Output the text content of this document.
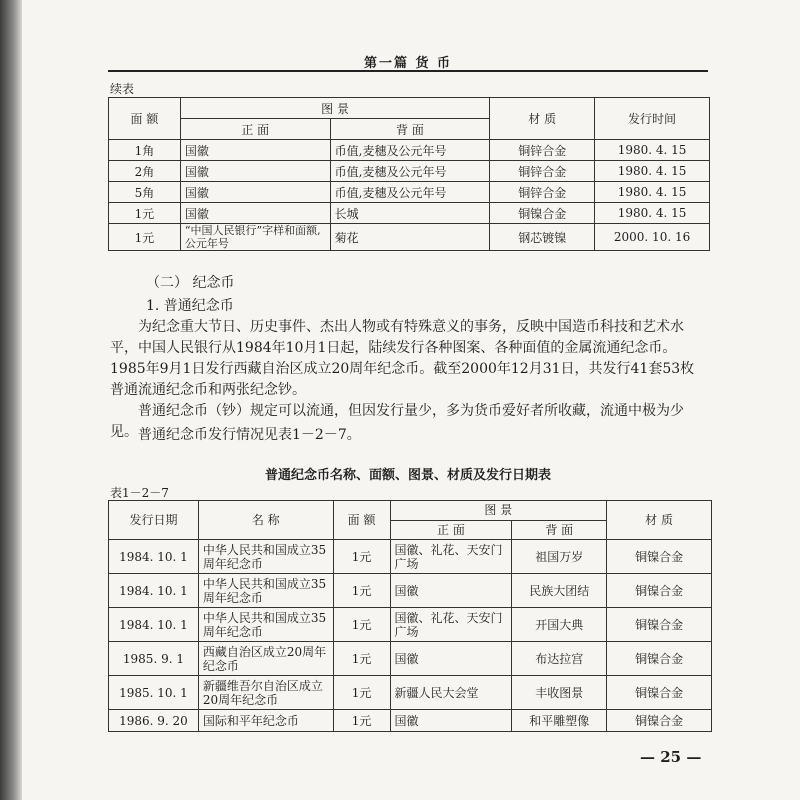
第一篇 货 币
续表
面 额	图 景		材 质	发行时间
	正 面	背 面		
1角	国徽	币值,麦穗及公元年号	铜锌合金	1980. 4. 15
2角	国徽	币值,麦穗及公元年号	铜锌合金	1980. 4. 15
5角	国徽	币值,麦穗及公元年号	铜锌合金	1980. 4. 15
1元	国徽	长城	铜镍合金	1980. 4. 15
1元	“中国人民银行”字样和面额,公元年号	菊花	钢芯镀镍	2000. 10. 16
（二） 纪念币
1. 普通纪念币
为纪念重大节日、历史事件、杰出人物或有特殊意义的事务，反映中国造币科技和艺术水平，中国人民银行从1984年10月1日起，陆续发行各种图案、各种面值的金属流通纪念币。1985年9月1日发行西藏自治区成立20周年纪念币。截至2000年12月31日，共发行41套53枚普通流通纪念币和两张纪念钞。
普通纪念币（钞）规定可以流通，但因发行量少，多为货币爱好者所收藏，流通中极为少见。 普通纪念币发行情况见表1－2－7。
普通纪念币名称、面额、图景、材质及发行日期表
表1－2－7
发行日期	名 称	面 额	图 景		材 质
			正 面	背 面	
1984. 10. 1	中华人民共和国成立35周年纪念币	1元	国徽、礼花、天安门广场	祖国万岁	铜镍合金
1984. 10. 1	中华人民共和国成立35周年纪念币	1元	国徽	民族大团结	铜镍合金
1984. 10. 1	中华人民共和国成立35周年纪念币	1元	国徽、礼花、天安门广场	开国大典	铜镍合金
1985. 9. 1	西藏自治区成立20周年纪念币	1元	国徽	布达拉宫	铜镍合金
1985. 10. 1	新疆维吾尔自治区成立20周年纪念币	1元	新疆人民大会堂	丰收图景	铜镍合金
1986. 9. 20	国际和平年纪念币	1元	国徽	和平雕塑像	铜镍合金
— 25 —
